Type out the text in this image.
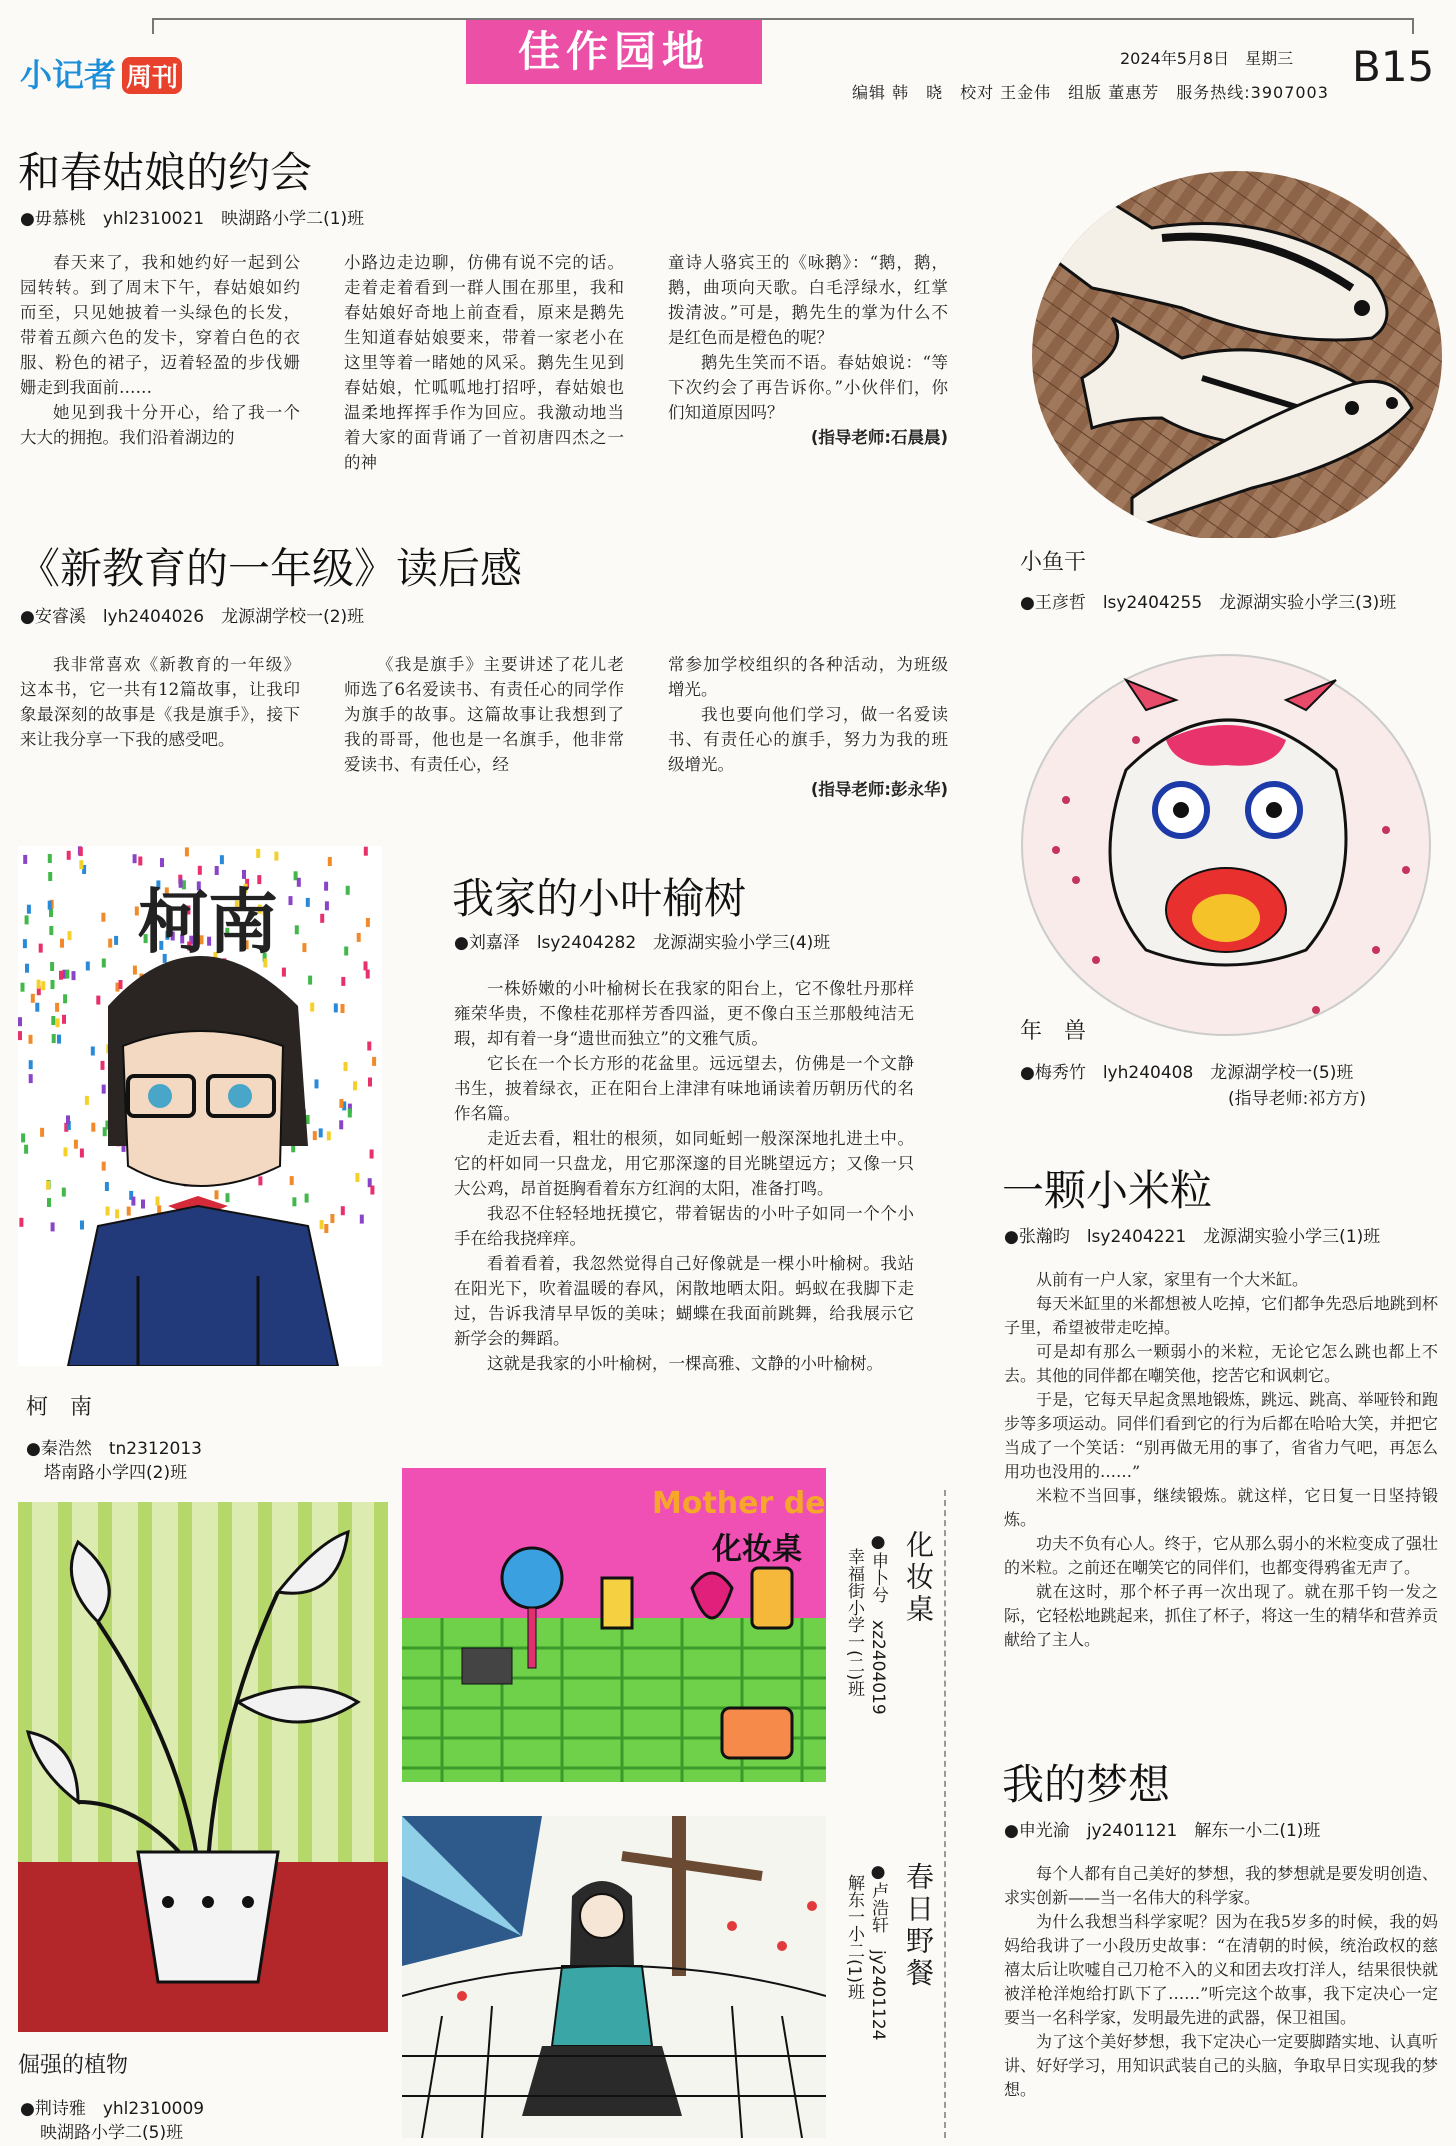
小记者 周刊
佳作园地	2024年5月8日　星期三 B15
编辑 韩　晓　校对 王金伟　组版 董惠芳　服务热线:3907003
和春姑娘的约会
●毋慕桃　yhl2310021　映湖路小学二(1)班

春天来了，我和她约好一起到公园转转。到了周末下午，春姑娘如约而至，只见她披着一头绿色的长发，带着五颜六色的发卡，穿着白色的衣服、粉色的裙子，迈着轻盈的步伐姗姗走到我面前……

她见到我十分开心，给了我一个大大的拥抱。我们沿着湖边的

小路边走边聊，仿佛有说不完的话。走着走着看到一群人围在那里，我和春姑娘好奇地上前查看，原来是鹅先生知道春姑娘要来，带着一家老小在这里等着一睹她的风采。鹅先生见到春姑娘，忙呱呱地打招呼，春姑娘也温柔地挥挥手作为回应。我激动地当着大家的面背诵了一首初唐四杰之一的神

童诗人骆宾王的《咏鹅》：“鹅，鹅，鹅，曲项向天歌。白毛浮绿水，红掌拨清波。”可是，鹅先生的掌为什么不是红色而是橙色的呢？

鹅先生笑而不语。春姑娘说：“等下次约会了再告诉你。”小伙伴们，你们知道原因吗？

(指导老师:石晨晨)

《新教育的一年级》读后感
●安睿溪　lyh2404026　龙源湖学校一(2)班

我非常喜欢《新教育的一年级》这本书，它一共有12篇故事，让我印象最深刻的故事是《我是旗手》，接下来让我分享一下我的感受吧。

《我是旗手》主要讲述了花儿老师选了6名爱读书、有责任心的同学作为旗手的故事。这篇故事让我想到了我的哥哥，他也是一名旗手，他非常爱读书、有责任心，经

常参加学校组织的各种活动，为班级增光。

我也要向他们学习，做一名爱读书、有责任心的旗手，努力为我的班级增光。

(指导老师:彭永华)

小鱼干
●王彦哲　lsy2404255　龙源湖实验小学三(3)班
年　兽
●梅秀竹　lyh240408　龙源湖学校一(5)班
(指导老师:祁方方)
我家的小叶榆树
●刘嘉泽　lsy2404282　龙源湖实验小学三(4)班

一株娇嫩的小叶榆树长在我家的阳台上，它不像牡丹那样雍荣华贵，不像桂花那样芳香四溢，更不像白玉兰那般纯洁无瑕，却有着一身“遗世而独立”的文雅气质。

它长在一个长方形的花盆里。远远望去，仿佛是一个文静书生，披着绿衣，正在阳台上津津有味地诵读着历朝历代的名作名篇。

走近去看，粗壮的根须，如同蚯蚓一般深深地扎进土中。它的杆如同一只盘龙，用它那深邃的目光眺望远方；又像一只大公鸡，昂首挺胸看着东方红润的太阳，准备打鸣。

我忍不住轻轻地抚摸它，带着锯齿的小叶子如同一个个小手在给我挠痒痒。

看着看着，我忽然觉得自己好像就是一棵小叶榆树。我站在阳光下，吹着温暖的春风，闲散地晒太阳。蚂蚁在我脚下走过，告诉我清早早饭的美味；蝴蝶在我面前跳舞，给我展示它新学会的舞蹈。

这就是我家的小叶榆树，一棵高雅、文静的小叶榆树。

柯南
柯　南
●秦浩然　tn2312013
塔南路小学四(2)班
一颗小米粒
●张瀚昀　lsy2404221　龙源湖实验小学三(1)班

从前有一户人家，家里有一个大米缸。

每天米缸里的米都想被人吃掉，它们都争先恐后地跳到杯子里，希望被带走吃掉。

可是却有那么一颗弱小的米粒，无论它怎么跳也都上不去。其他的同伴都在嘲笑他，挖苦它和讽刺它。

于是，它每天早起贪黑地锻炼，跳远、跳高、举哑铃和跑步等多项运动。同伴们看到它的行为后都在哈哈大笑，并把它当成了一个笑话：“别再做无用的事了，省省力气吧，再怎么用功也没用的……”

米粒不当回事，继续锻炼。就这样，它日复一日坚持锻炼。

功夫不负有心人。终于，它从那么弱小的米粒变成了强壮的米粒。之前还在嘲笑它的同伴们，也都变得鸦雀无声了。

就在这时，那个杯子再一次出现了。就在那千钧一发之际，它轻松地跳起来，抓住了杯子，将这一生的精华和营养贡献给了主人。

我的梦想
●申光渝　jy2401121　解东一小二(1)班

每个人都有自己美好的梦想，我的梦想就是要发明创造、求实创新——当一名伟大的科学家。

为什么我想当科学家呢？因为在我5岁多的时候，我的妈妈给我讲了一小段历史故事：“在清朝的时候，统治政权的慈禧太后让吹嘘自己刀枪不入的义和团去攻打洋人，结果很快就被洋枪洋炮给打趴下了……”听完这个故事，我下定决心一定要当一名科学家，发明最先进的武器，保卫祖国。

为了这个美好梦想，我下定决心一定要脚踏实地、认真听讲、好好学习，用知识武装自己的头脑，争取早日实现我的梦想。

Mother de
化妆桌	化妆桌
●申卜兮　xz2404019
幸福街小学一(二)班
春日野餐
●卢浩轩　jy2401124
解东一小二(1)班
倔强的植物
●荆诗雅　yhl2310009
映湖路小学二(5)班
